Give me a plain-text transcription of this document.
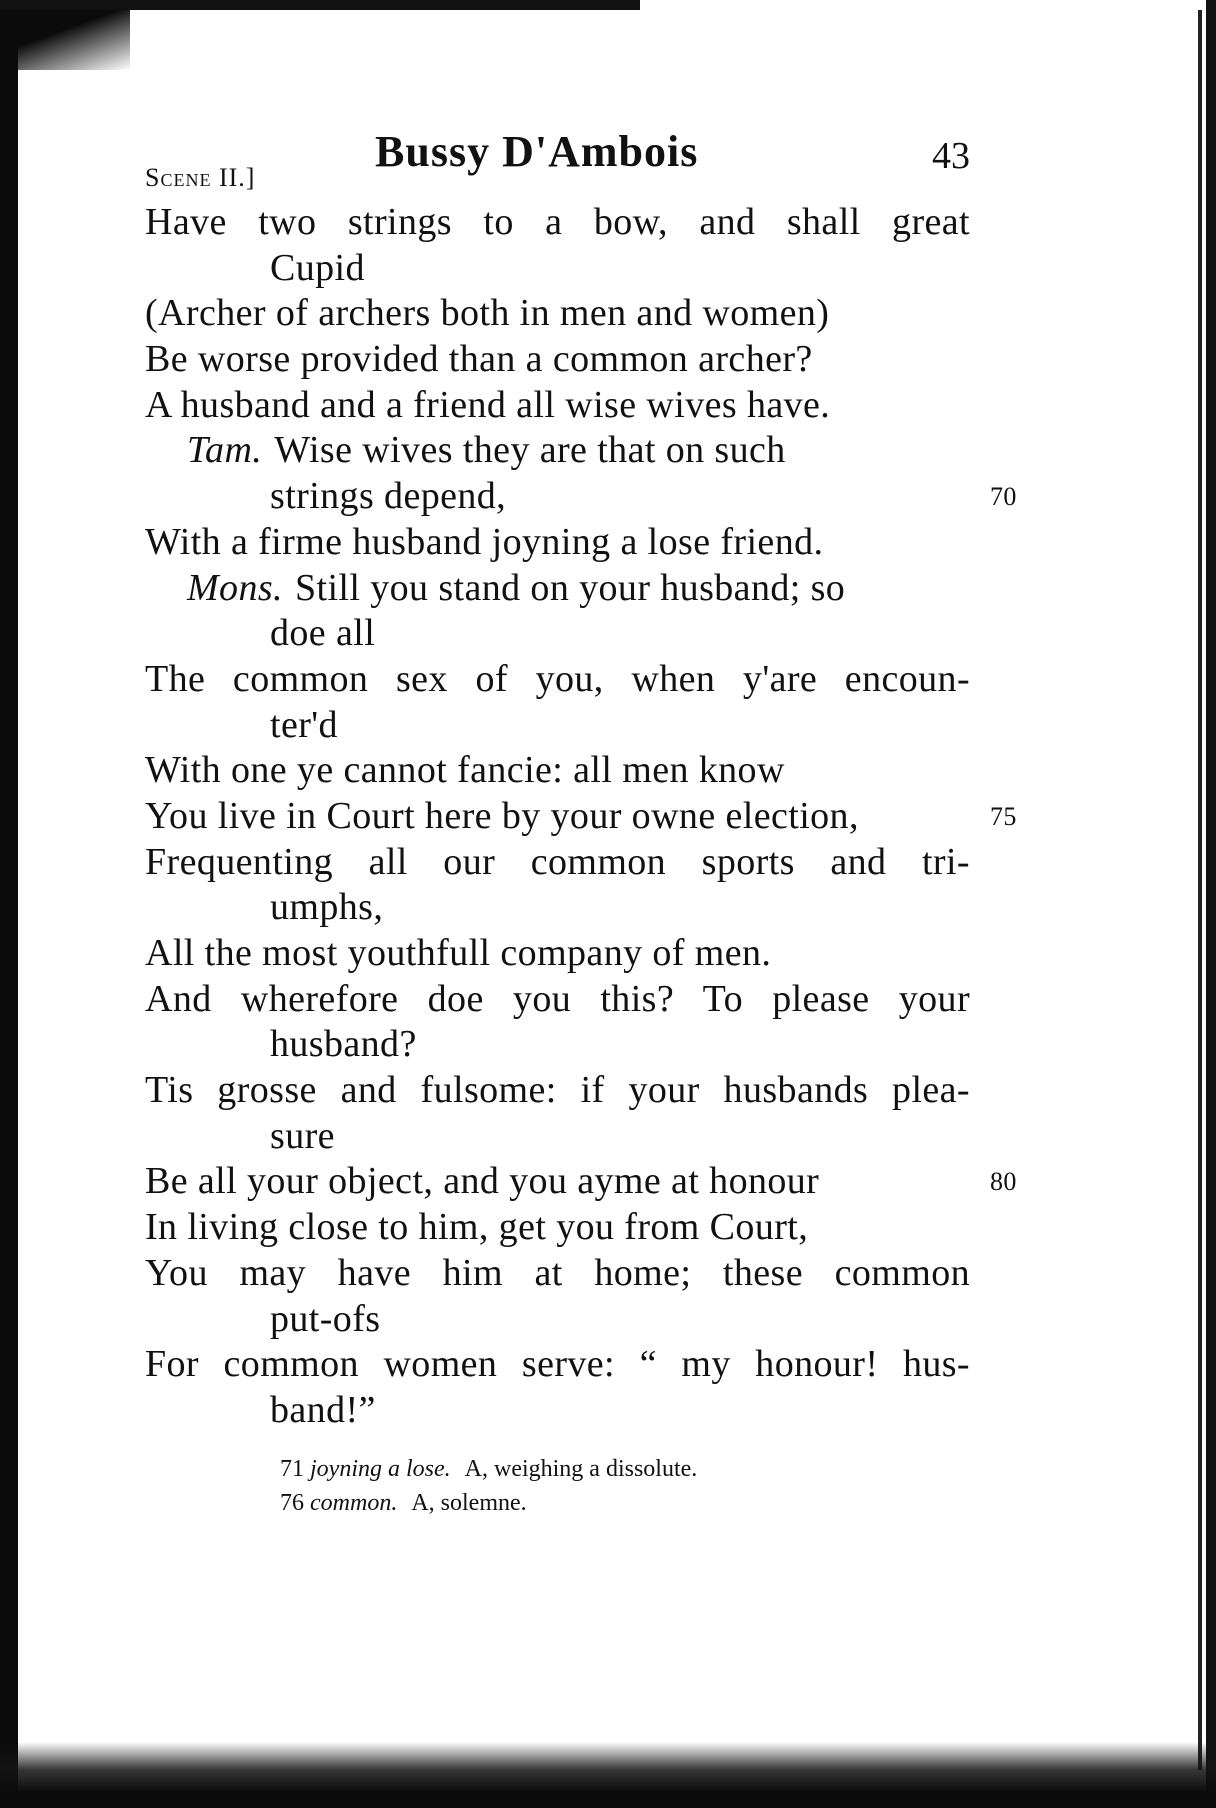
Scene II.]
Bussy D'Ambois	43
Have two strings to a bow, and shall great
Cupid
(Archer of archers both in men and women)
Be worse provided than a common archer?
A husband and a friend all wise wives have.
Tam. Wise wives they are that on such
strings depend,	70
With a firme husband joyning a lose friend.
Mons. Still you stand on your husband; so
doe all
The common sex of you, when y'are encoun-
ter'd
With one ye cannot fancie: all men know
You live in Court here by your owne election,	75
Frequenting all our common sports and tri-
umphs,
All the most youthfull company of men.
And wherefore doe you this? To please your
husband?
Tis grosse and fulsome: if your husbands plea-
sure
Be all your object, and you ayme at honour	80
In living close to him, get you from Court,
You may have him at home; these common
put-ofs
For common women serve: “ my honour! hus-
band!”
71 joyning a lose. A, weighing a dissolute.
76 common. A, solemne.
